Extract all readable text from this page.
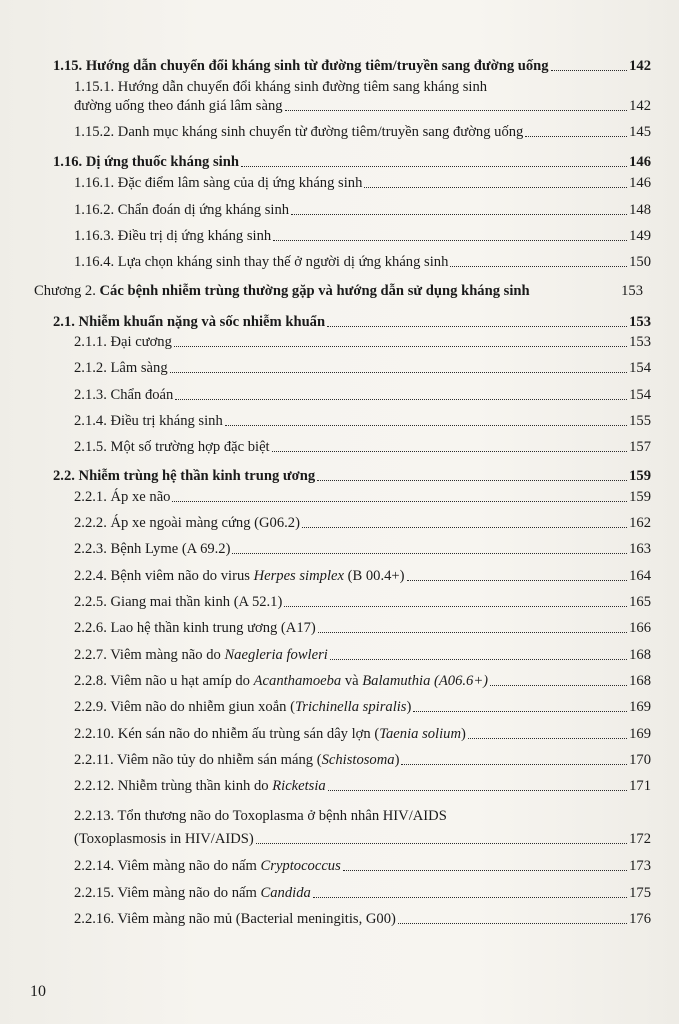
1.15. Hướng dẫn chuyển đổi kháng sinh từ đường tiêm/truyền sang đường uống	142
1.15.1. Hướng dẫn chuyển đổi kháng sinh đường tiêm sang kháng sinh
đường uống theo đánh giá lâm sàng	142
1.15.2. Danh mục kháng sinh chuyển từ đường tiêm/truyền sang đường uống	145
1.16. Dị ứng thuốc kháng sinh	146
1.16.1. Đặc điểm lâm sàng của dị ứng kháng sinh	146
1.16.2. Chẩn đoán dị ứng kháng sinh	148
1.16.3. Điều trị dị ứng kháng sinh	149
1.16.4. Lựa chọn kháng sinh thay thế ở người dị ứng kháng sinh	150
Chương 2. Các bệnh nhiễm trùng thường gặp và hướng dẫn sử dụng kháng sinh	153
2.1. Nhiễm khuẩn nặng và sốc nhiễm khuẩn	153
2.1.1. Đại cương	153
2.1.2. Lâm sàng	154
2.1.3. Chẩn đoán	154
2.1.4. Điều trị kháng sinh	155
2.1.5. Một số trường hợp đặc biệt	157
2.2. Nhiễm trùng hệ thần kinh trung ương	159
2.2.1. Áp xe não	159
2.2.2. Áp xe ngoài màng cứng (G06.2)	162
2.2.3. Bệnh Lyme (A 69.2)	163
2.2.4. Bệnh viêm não do virus Herpes simplex (B 00.4+)	164
2.2.5. Giang mai thần kinh (A 52.1)	165
2.2.6. Lao hệ thần kinh trung ương (A17)	166
2.2.7. Viêm màng não do Naegleria fowleri	168
2.2.8. Viêm não u hạt amíp do Acanthamoeba và Balamuthia (A06.6+)	168
2.2.9. Viêm não do nhiễm giun xoắn (Trichinella spiralis)	169
2.2.10. Kén sán não do nhiễm ấu trùng sán dây lợn (Taenia solium)	169
2.2.11. Viêm não tủy do nhiễm sán máng (Schistosoma)	170
2.2.12. Nhiễm trùng thần kinh do Ricketsia	171
2.2.13. Tổn thương não do Toxoplasma ở bệnh nhân HIV/AIDS
(Toxoplasmosis in HIV/AIDS)	172
2.2.14. Viêm màng não do nấm Cryptococcus	173
2.2.15. Viêm màng não do nấm Candida	175
2.2.16. Viêm màng não mủ (Bacterial meningitis, G00)	176
10
